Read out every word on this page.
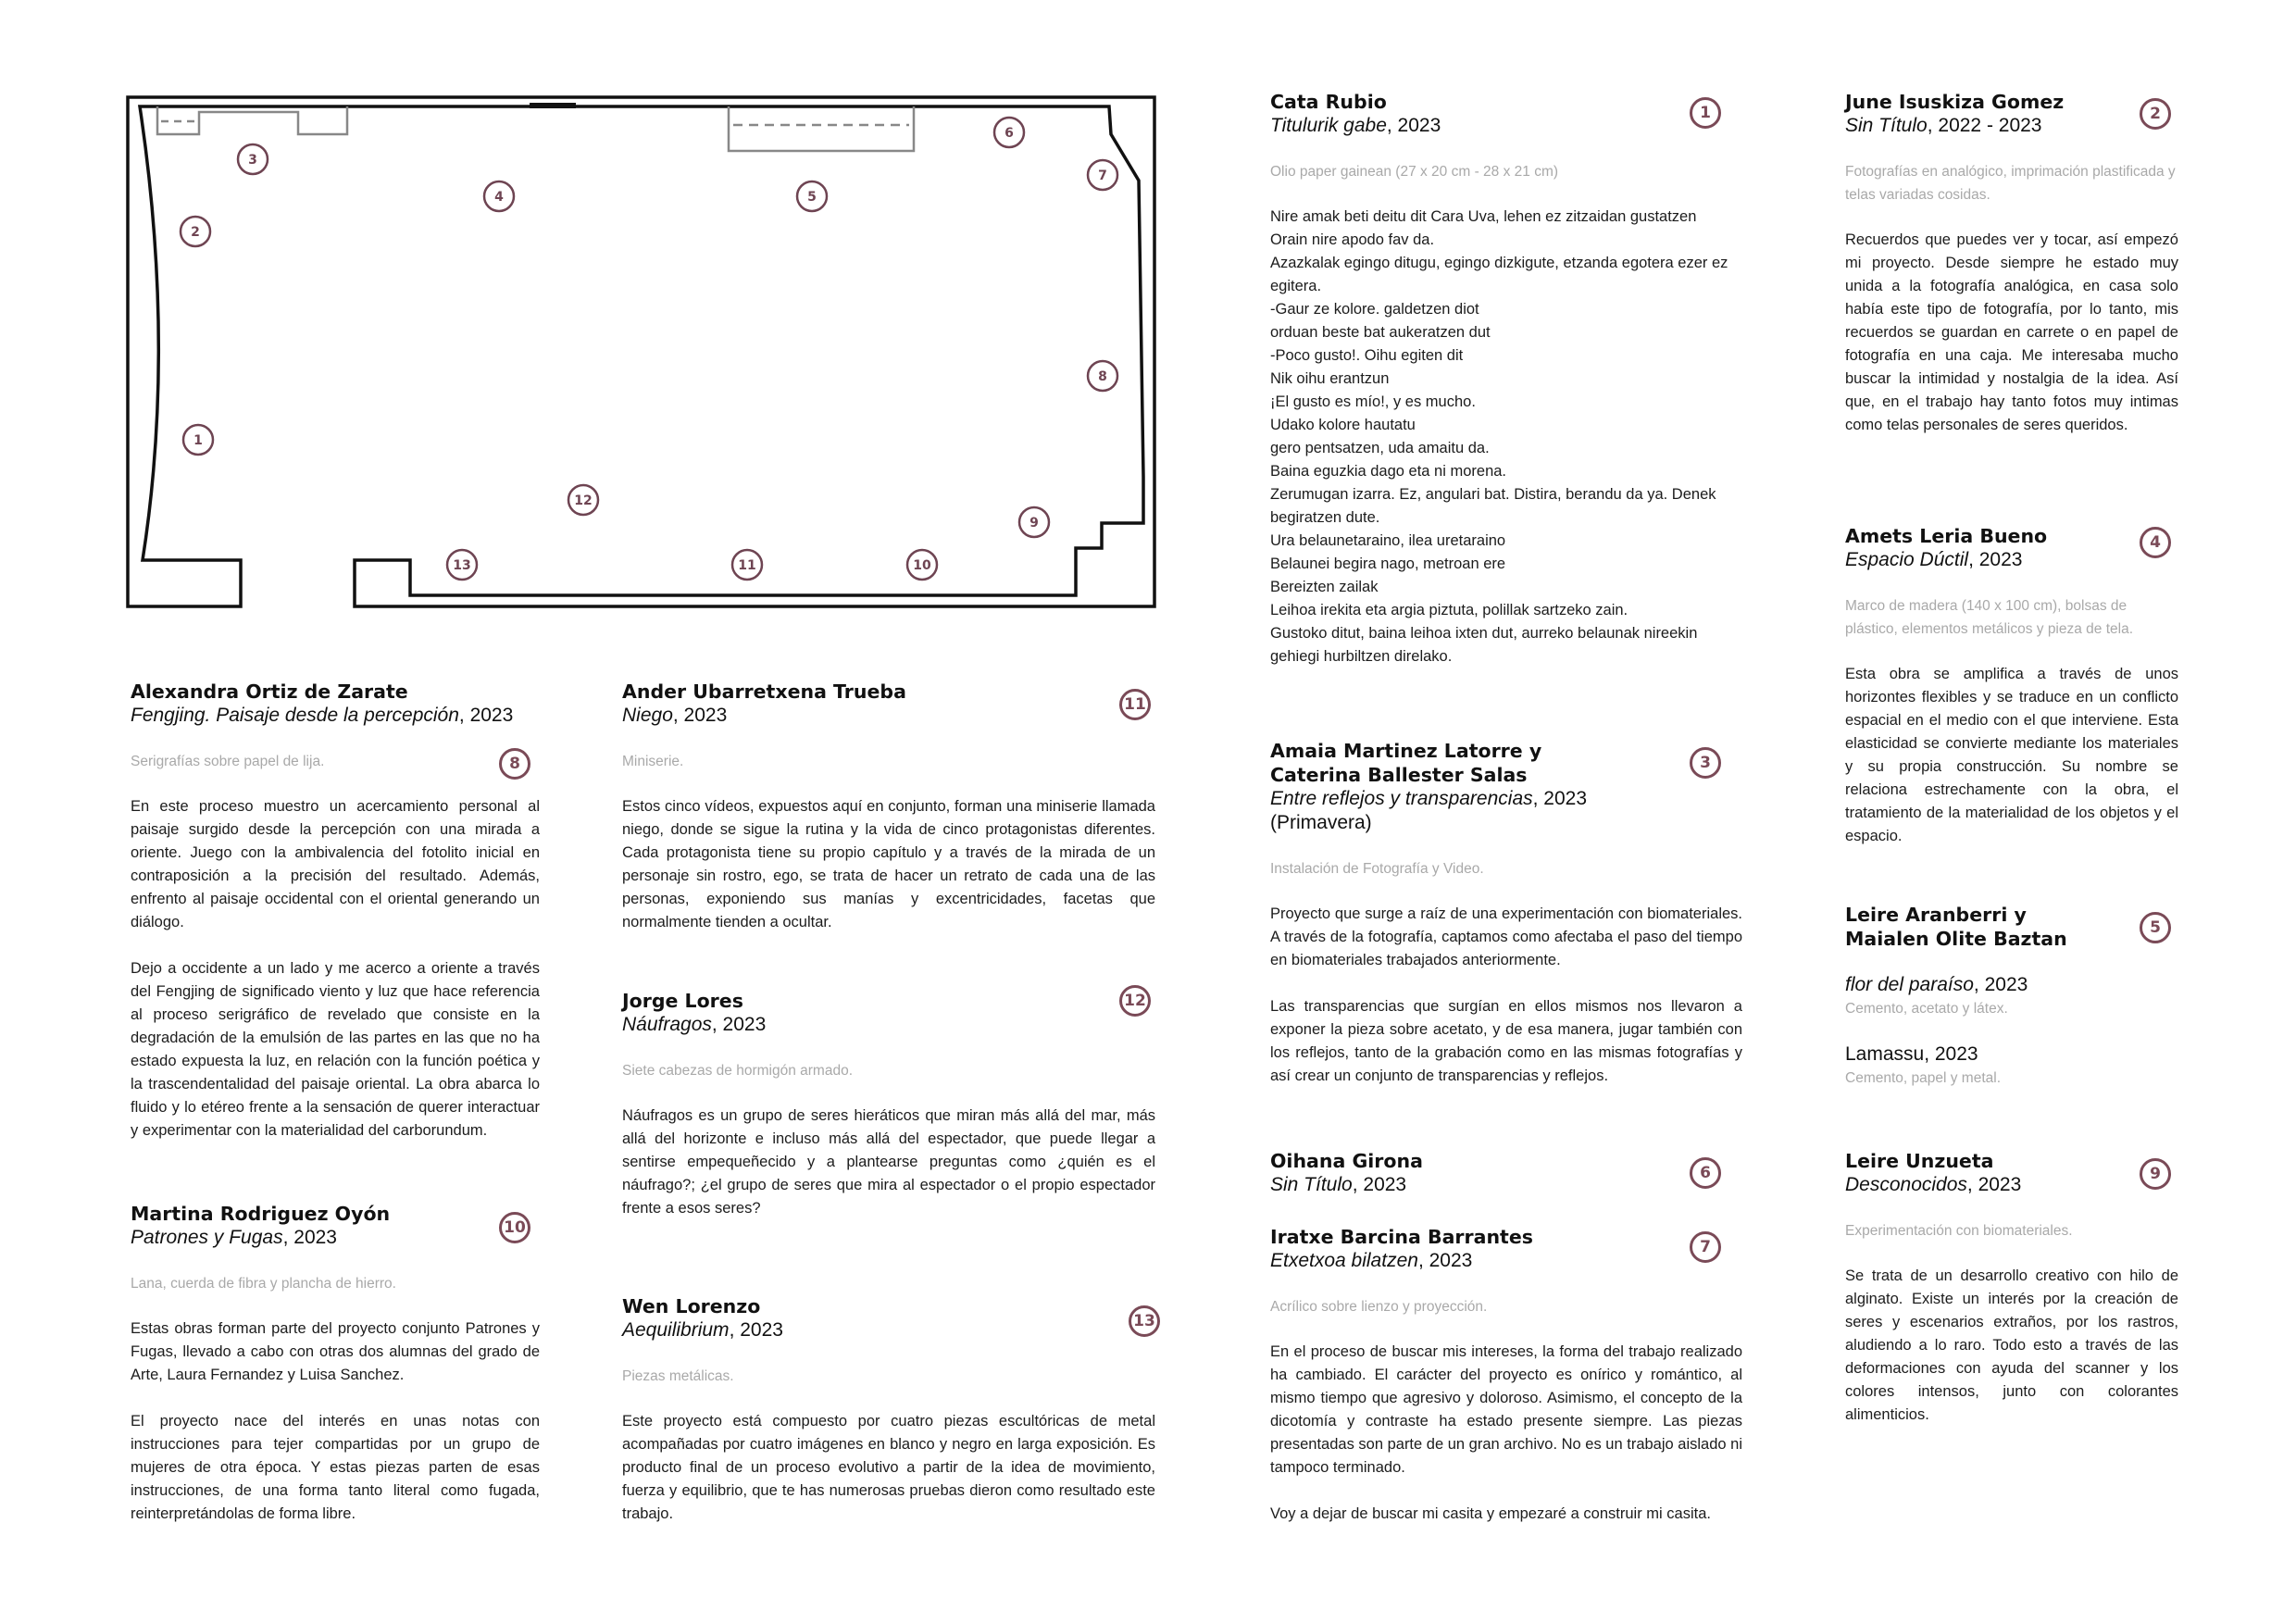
1
2
3
4	5
6
7
8
9
10
11
12
13
Alexandra Ortiz de Zarate
Fengjing. Paisaje desde la percepción, 2023
Serigrafías sobre papel de lija.

En este proceso muestro un acercamiento personal al paisaje surgido desde la percepción con una mirada a oriente. Juego con la ambivalencia del fotolito inicial en contraposición a la precisión del resultado. Además, enfrento al paisaje occidental con el oriental generando un diálogo.

Dejo a occidente a un lado y me acerco a oriente a través del Fengjing de significado viento y luz que hace referencia al proceso serigráfico de revelado que consiste en la degradación de la emulsión de las partes en las que no ha estado expuesta la luz, en relación con la función poética y la trascendentalidad del paisaje oriental. La obra abarca lo fluido y lo etéreo frente a la sensación de querer interactuar y experimentar con la materialidad del carborundum.

8
Martina Rodriguez Oyón
Patrones y Fugas, 2023
Lana, cuerda de fibra y plancha de hierro.

Estas obras forman parte del proyecto conjunto Patrones y Fugas, llevado a cabo con otras dos alumnas del grado de Arte, Laura Fernandez y Luisa Sanchez.

El proyecto nace del interés en unas notas con instrucciones para tejer compartidas por un grupo de mujeres de otra época. Y estas piezas parten de esas instrucciones, de una forma tanto literal como fugada, reinterpretándolas de forma libre.

10
Ander Ubarretxena Trueba
Niego, 2023
Miniserie.

Estos cinco vídeos, expuestos aquí en conjunto, forman una miniserie llamada niego, donde se sigue la rutina y la vida de cinco protagonistas diferentes. Cada protagonista tiene su propio capítulo y a través de la mirada de un personaje sin rostro, ego, se trata de hacer un retrato de cada una de las personas, exponiendo sus manías y excentricidades, facetas que normalmente tienden a ocultar.

11
Jorge Lores
Náufragos, 2023
Siete cabezas de hormigón armado.

Náufragos es un grupo de seres hieráticos que miran más allá del mar, más allá del horizonte e incluso más allá del espectador, que puede llegar a sentirse empequeñecido y a plantearse preguntas como ¿quién es el náufrago?; ¿el grupo de seres que mira al espectador o el propio espectador frente a esos seres?

12
Wen Lorenzo
Aequilibrium, 2023
Piezas metálicas.

Este proyecto está compuesto por cuatro piezas escultóricas de metal acompañadas por cuatro imágenes en blanco y negro en larga exposición. Es producto final de un proceso evolutivo a partir de la idea de movimiento, fuerza y equilibrio, que te has numerosas pruebas dieron como resultado este trabajo.

13
Cata Rubio
Titulurik gabe, 2023
Olio paper gainean (27 x 20 cm - 28 x 21 cm)
Nire amak beti deitu dit Cara Uva, lehen ez zitzaidan gustatzen
Orain nire apodo fav da.
Azazkalak egingo ditugu, egingo dizkigute, etzanda egotera ezer ez egitera.
-Gaur ze kolore. galdetzen diot
orduan beste bat aukeratzen dut
-Poco gusto!. Oihu egiten dit
Nik oihu erantzun
¡El gusto es mío!, y es mucho.
Udako kolore hautatu
gero pentsatzen, uda amaitu da.
Baina eguzkia dago eta ni morena.
Zerumugan izarra. Ez, angulari bat. Distira, berandu da ya. Denek begiratzen dute.
Ura belaunetaraino, ilea uretaraino
Belaunei begira nago, metroan ere
Bereizten zailak
Leihoa irekita eta argia piztuta, polillak sartzeko zain.
Gustoko ditut, baina leihoa ixten dut, aurreko belaunak nireekin gehiegi hurbiltzen direlako.
1
Amaia Martinez Latorre y
Caterina Ballester Salas
Entre reflejos y transparencias, 2023
(Primavera)
Instalación de Fotografía y Video.

Proyecto que surge a raíz de una experimentación con biomateriales. A través de la fotografía, captamos como afectaba el paso del tiempo en biomateriales trabajados anteriormente.

Las transparencias que surgían en ellos mismos nos llevaron a exponer la pieza sobre acetato, y de esa manera, jugar también con los reflejos, tanto de la grabación como en las mismas fotografías y así crear un conjunto de transparencias y reflejos.

3
Oihana Girona
Sin Título, 2023
6
Iratxe Barcina Barrantes
Etxetxoa bilatzen, 2023
Acrílico sobre lienzo y proyección.

En el proceso de buscar mis intereses, la forma del trabajo realizado ha cambiado. El carácter del proyecto es onírico y romántico, al mismo tiempo que agresivo y doloroso. Asimismo, el concepto de la dicotomía y contraste ha estado presente siempre. Las piezas presentadas son parte de un gran archivo. No es un trabajo aislado ni tampoco terminado.

Voy a dejar de buscar mi casita y empezaré a construir mi casita.

7
June Isuskiza Gomez
Sin Título, 2022 - 2023
Fotografías en analógico, imprimación plastificada y telas variadas cosidas.

Recuerdos que puedes ver y tocar, así empezó mi proyecto. Desde siempre he estado muy unida a la fotografía analógica, en casa solo había este tipo de fotografía, por lo tanto, mis recuerdos se guardan en carrete o en papel de fotografía en una caja. Me interesaba mucho buscar la intimidad y nostalgia de la idea. Así que, en el trabajo hay tanto fotos muy intimas como telas personales de seres queridos.

2
Amets Leria Bueno
Espacio Dúctil, 2023
Marco de madera (140 x 100 cm), bolsas de plástico, elementos metálicos y pieza de tela.

Esta obra se amplifica a través de unos horizontes flexibles y se traduce en un conflicto espacial en el medio con el que interviene. Esta elasticidad se convierte mediante los materiales y su propia construcción. Su nombre se relaciona estrechamente con la obra, el tratamiento de la materialidad de los objetos y el espacio.

4
Leire Aranberri y
Maialen Olite Baztan
flor del paraíso, 2023
Cemento, acetato y látex.
Lamassu, 2023
Cemento, papel y metal.
5
Leire Unzueta
Desconocidos, 2023
Experimentación con biomateriales.

Se trata de un desarrollo creativo con hilo de alginato. Existe un interés por la creación de seres y escenarios extraños, por los rastros, aludiendo a lo raro. Todo esto a través de las deformaciones con ayuda del scanner y los colores intensos, junto con colorantes alimenticios.

9
